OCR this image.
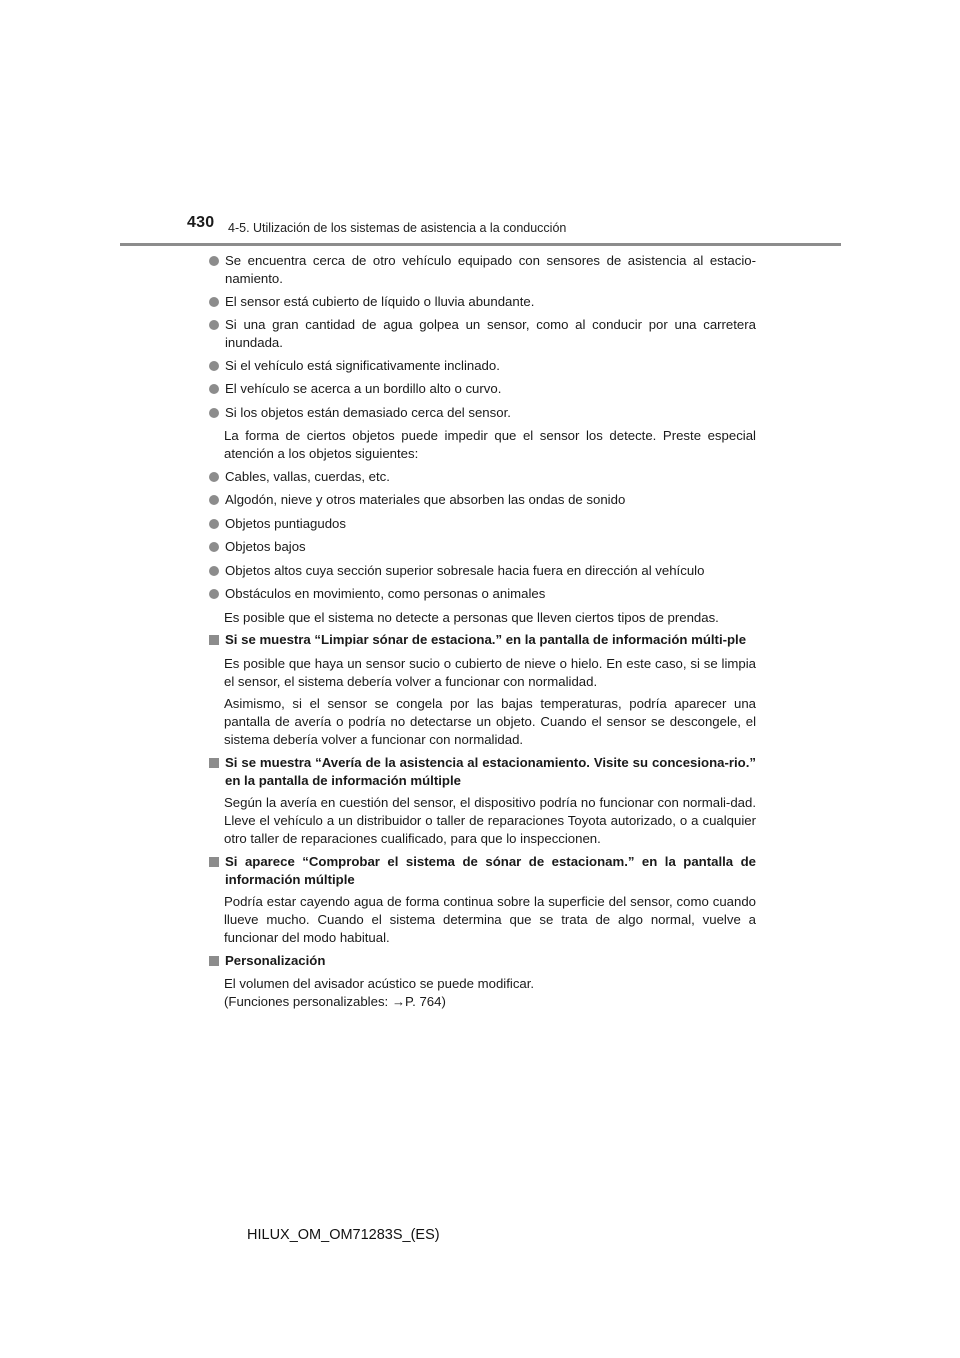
430 4-5. Utilización de los sistemas de asistencia a la conducción
Se encuentra cerca de otro vehículo equipado con sensores de asistencia al estacio-namiento.
El sensor está cubierto de líquido o lluvia abundante.
Si una gran cantidad de agua golpea un sensor, como al conducir por una carretera inundada.
Si el vehículo está significativamente inclinado.
El vehículo se acerca a un bordillo alto o curvo.
Si los objetos están demasiado cerca del sensor.
La forma de ciertos objetos puede impedir que el sensor los detecte. Preste especial atención a los objetos siguientes:
Cables, vallas, cuerdas, etc.
Algodón, nieve y otros materiales que absorben las ondas de sonido
Objetos puntiagudos
Objetos bajos
Objetos altos cuya sección superior sobresale hacia fuera en dirección al vehículo
Obstáculos en movimiento, como personas o animales
Es posible que el sistema no detecte a personas que lleven ciertos tipos de prendas.
Si se muestra “Limpiar sónar de estaciona.” en la pantalla de información múlti-ple
Es posible que haya un sensor sucio o cubierto de nieve o hielo. En este caso, si se limpia el sensor, el sistema debería volver a funcionar con normalidad.
Asimismo, si el sensor se congela por las bajas temperaturas, podría aparecer una pantalla de avería o podría no detectarse un objeto. Cuando el sensor se descongele, el sistema debería volver a funcionar con normalidad.
Si se muestra “Avería de la asistencia al estacionamiento. Visite su concesiona-rio.” en la pantalla de información múltiple
Según la avería en cuestión del sensor, el dispositivo podría no funcionar con normali-dad. Lleve el vehículo a un distribuidor o taller de reparaciones Toyota autorizado, o a cualquier otro taller de reparaciones cualificado, para que lo inspeccionen.
Si aparece “Comprobar el sistema de sónar de estacionam.” en la pantalla de información múltiple
Podría estar cayendo agua de forma continua sobre la superficie del sensor, como cuando llueve mucho. Cuando el sistema determina que se trata de algo normal, vuelve a funcionar del modo habitual.
Personalización
El volumen del avisador acústico se puede modificar.
(Funciones personalizables: →P. 764)
HILUX_OM_OM71283S_(ES)
